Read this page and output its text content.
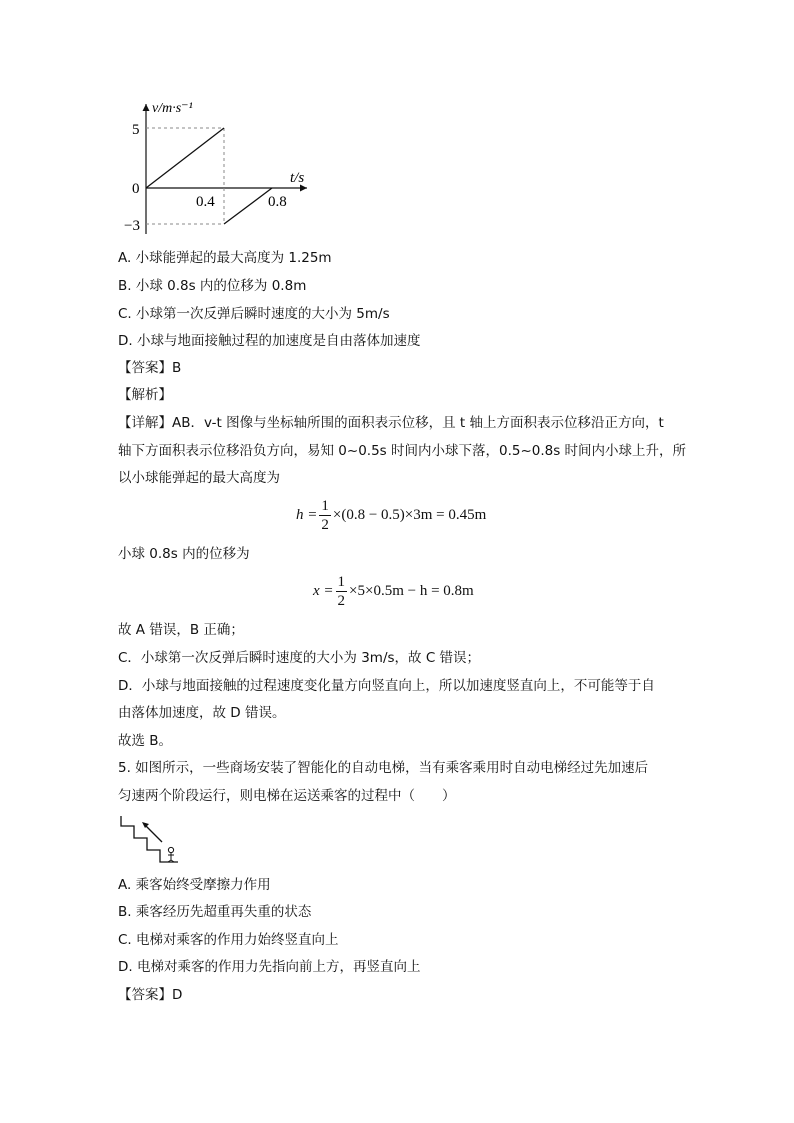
v/m·s⁻¹
t/s
5
0
−3
0.4	0.8
A. 小球能弹起的最大高度为 1.25m
B. 小球 0.8s 内的位移为 0.8m
C. 小球第一次反弹后瞬时速度的大小为 5m/s
D. 小球与地面接触过程的加速度是自由落体加速度
【答案】B
【解析】
【详解】AB．v-t 图像与坐标轴所围的面积表示位移，且 t 轴上方面积表示位移沿正方向，t
轴下方面积表示位移沿负方向，易知 0~0.5s 时间内小球下落，0.5~0.8s 时间内小球上升，所
以小球能弹起的最大高度为
$h = \frac{1}{2} \times(0.8 - 0.5)\times 3m = 0.45m$
小球 0.8s 内的位移为
$x = \frac{1}{2} \times 5\times 0.5m - h = 0.8m$
故 A 错误，B 正确；
C．小球第一次反弹后瞬时速度的大小为 3m/s，故 C 错误；
D．小球与地面接触的过程速度变化量方向竖直向上，所以加速度竖直向上，不可能等于自
由落体加速度，故 D 错误。
故选 B。
5. 如图所示，一些商场安装了智能化的自动电梯，当有乘客乘用时自动电梯经过先加速后
匀速两个阶段运行，则电梯在运送乘客的过程中（　　）
A. 乘客始终受摩擦力作用
B. 乘客经历先超重再失重的状态
C. 电梯对乘客的作用力始终竖直向上
D. 电梯对乘客的作用力先指向前上方，再竖直向上
【答案】D
